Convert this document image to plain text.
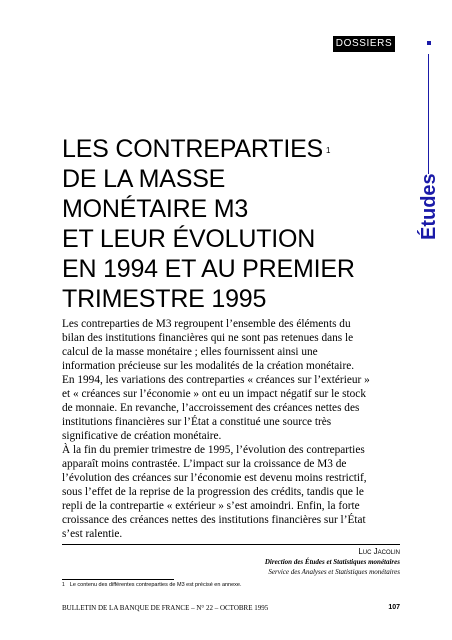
DOSSIERS
Études
LES CONTREPARTIES $^1$
DE LA MASSE
MONÉTAIRE M3
ET LEUR ÉVOLUTION
EN 1994 ET AU PREMIER
TRIMESTRE 1995
Les contreparties de M3 regroupent l’ensemble des éléments du
bilan des institutions financières qui ne sont pas retenues dans le
calcul de la masse monétaire ; elles fournissent ainsi une
information précieuse sur les modalités de la création monétaire.
En 1994, les variations des contreparties « créances sur l’extérieur »
et « créances sur l’économie » ont eu un impact négatif sur le stock
de monnaie. En revanche, l’accroissement des créances nettes des
institutions financières sur l’État a constitué une source très
significative de création monétaire.
À la fin du premier trimestre de 1995, l’évolution des contreparties
apparaît moins contrastée. L’impact sur la croissance de M3 de
l’évolution des créances sur l’économie est devenu moins restrictif,
sous l’effet de la reprise de la progression des crédits, tandis que le
repli de la contrepartie « extérieur » s’est amoindri. Enfin, la forte
croissance des créances nettes des institutions financières sur l’État
s’est ralentie.
Luc Jacolin
Direction des Études et Statistiques monétaires
Service des Analyses et Statistiques monétaires
1 Le contenu des différentes contreparties de M3 est précisé en annexe.
BULLETIN DE LA BANQUE DE FRANCE – N° 22 – OCTOBRE 1995	107
